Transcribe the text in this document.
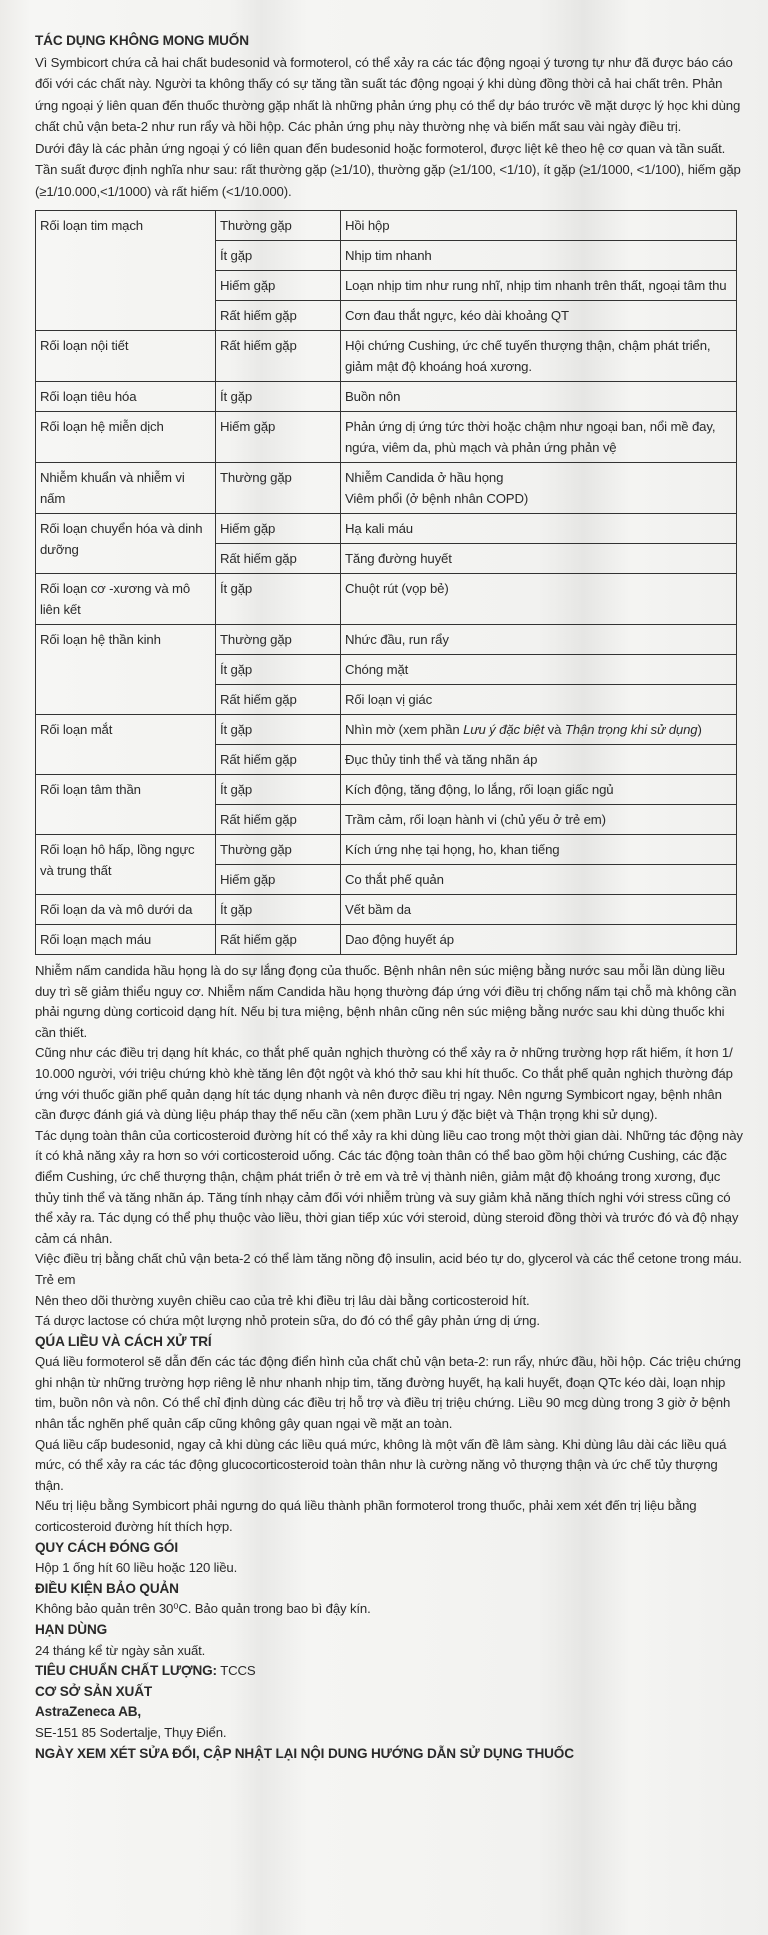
TÁC DỤNG KHÔNG MONG MUỐN

Vì Symbicort chứa cả hai chất budesonid và formoterol, có thể xảy ra các tác động ngoại ý tương tự như đã được báo cáo đối với các chất này. Người ta không thấy có sự tăng tần suất tác động ngoại ý khi dùng đồng thời cả hai chất trên. Phản ứng ngoại ý liên quan đến thuốc thường gặp nhất là những phản ứng phụ có thể dự báo trước về mặt dược lý học khi dùng chất chủ vận beta-2 như run rẩy và hồi hộp. Các phản ứng phụ này thường nhẹ và biến mất sau vài ngày điều trị.

Dưới đây là các phản ứng ngoại ý có liên quan đến budesonid hoặc formoterol, được liệt kê theo hệ cơ quan và tần suất. Tần suất được định nghĩa như sau: rất thường gặp (≥1/10), thường gặp (≥1/100, <1/10), ít gặp (≥1/1000, <1/100), hiếm gặp (≥1/10.000,<1/1000) và rất hiếm (<1/10.000).

Rối loạn tim mạch	Thường gặp	Hồi hộp
	Ít gặp	Nhịp tim nhanh
	Hiếm gặp	Loạn nhịp tim như rung nhĩ, nhịp tim nhanh trên thất, ngoại tâm thu
	Rất hiếm gặp	Cơn đau thắt ngực, kéo dài khoảng QT
Rối loạn nội tiết	Rất hiếm gặp	Hội chứng Cushing, ức chế tuyến thượng thận, chậm phát triển, giảm mật độ khoáng hoá xương.
Rối loạn tiêu hóa	Ít gặp	Buồn nôn
Rối loạn hệ miễn dịch	Hiếm gặp	Phản ứng dị ứng tức thời hoặc chậm như ngoại ban, nổi mề đay, ngứa, viêm da, phù mạch và phản ứng phản vệ
Nhiễm khuẩn và nhiễm vi nấm	Thường gặp	Nhiễm Candida ở hầu họng
Viêm phổi (ở bệnh nhân COPD)
Rối loạn chuyển hóa và dinh dưỡng	Hiếm gặp	Hạ kali máu
	Rất hiếm gặp	Tăng đường huyết
Rối loạn cơ -xương và mô liên kết	Ít gặp	Chuột rút (vọp bẻ)
Rối loạn hệ thần kinh	Thường gặp	Nhức đầu, run rẩy
	Ít gặp	Chóng mặt
	Rất hiếm gặp	Rối loạn vị giác
Rối loạn mắt	Ít gặp	Nhìn mờ (xem phần Lưu ý đặc biệt và Thận trọng khi sử dụng)
	Rất hiếm gặp	Đục thủy tinh thể và tăng nhãn áp
Rối loạn tâm thần	Ít gặp	Kích động, tăng động, lo lắng, rối loạn giấc ngủ
	Rất hiếm gặp	Trầm cảm, rối loạn hành vi (chủ yếu ở trẻ em)
Rối loạn hô hấp, lồng ngực và trung thất	Thường gặp	Kích ứng nhẹ tại họng, ho, khan tiếng
	Hiếm gặp	Co thắt phế quản
Rối loạn da và mô dưới da	Ít gặp	Vết bầm da
Rối loạn mạch máu	Rất hiếm gặp	Dao động huyết áp

Nhiễm nấm candida hầu họng là do sự lắng đọng của thuốc. Bệnh nhân nên súc miệng bằng nước sau mỗi lần dùng liều duy trì sẽ giảm thiểu nguy cơ. Nhiễm nấm Candida hầu họng thường đáp ứng với điều trị chống nấm tại chỗ mà không cần phải ngưng dùng corticoid dạng hít. Nếu bị tưa miệng, bệnh nhân cũng nên súc miệng bằng nước sau khi dùng thuốc khi cần thiết.

Cũng như các điều trị dạng hít khác, co thắt phế quản nghịch thường có thể xảy ra ở những trường hợp rất hiếm, ít hơn 1/ 10.000 người, với triệu chứng khò khè tăng lên đột ngột và khó thở sau khi hít thuốc. Co thắt phế quản nghịch thường đáp ứng với thuốc giãn phế quản dạng hít tác dụng nhanh và nên được điều trị ngay. Nên ngưng Symbicort ngay, bệnh nhân cần được đánh giá và dùng liệu pháp thay thế nếu cần (xem phần Lưu ý đặc biệt và Thận trọng khi sử dụng).

Tác dụng toàn thân của corticosteroid đường hít có thể xảy ra khi dùng liều cao trong một thời gian dài. Những tác động này ít có khả năng xảy ra hơn so với corticosteroid uống. Các tác động toàn thân có thể bao gồm hội chứng Cushing, các đặc điểm Cushing, ức chế thượng thận, chậm phát triển ở trẻ em và trẻ vị thành niên, giảm mật độ khoáng trong xương, đục thủy tinh thể và tăng nhãn áp. Tăng tính nhạy cảm đối với nhiễm trùng và suy giảm khả năng thích nghi với stress cũng có thể xảy ra. Tác dụng có thể phụ thuộc vào liều, thời gian tiếp xúc với steroid, dùng steroid đồng thời và trước đó và độ nhạy cảm cá nhân.

Việc điều trị bằng chất chủ vận beta-2 có thể làm tăng nồng độ insulin, acid béo tự do, glycerol và các thể cetone trong máu.

Trẻ em

Nên theo dõi thường xuyên chiều cao của trẻ khi điều trị lâu dài bằng corticosteroid hít.

Tá dược lactose có chứa một lượng nhỏ protein sữa, do đó có thể gây phản ứng dị ứng.

QÚA LIỀU VÀ CÁCH XỬ TRÍ

Quá liều formoterol sẽ dẫn đến các tác động điển hình của chất chủ vận beta-2: run rẩy, nhức đầu, hồi hộp. Các triệu chứng ghi nhận từ những trường hợp riêng lẻ như nhanh nhịp tim, tăng đường huyết, hạ kali huyết, đoạn QTc kéo dài, loạn nhịp tim, buồn nôn và nôn. Có thể chỉ định dùng các điều trị hỗ trợ và điều trị triệu chứng. Liều 90 mcg dùng trong 3 giờ ở bệnh nhân tắc nghẽn phế quản cấp cũng không gây quan ngại về mặt an toàn.

Quá liều cấp budesonid, ngay cả khi dùng các liều quá mức, không là một vấn đề lâm sàng. Khi dùng lâu dài các liều quá mức, có thể xảy ra các tác động glucocorticosteroid toàn thân như là cường năng vỏ thượng thận và ức chế tủy thượng thận.

Nếu trị liệu bằng Symbicort phải ngưng do quá liều thành phần formoterol trong thuốc, phải xem xét đến trị liệu bằng corticosteroid đường hít thích hợp.

QUY CÁCH ĐÓNG GÓI

Hộp 1 ống hít 60 liều hoặc 120 liều.

ĐIỀU KIỆN BẢO QUẢN

Không bảo quản trên 30⁰C. Bảo quản trong bao bì đậy kín.

HẠN DÙNG

24 tháng kể từ ngày sản xuất.

TIÊU CHUẨN CHẤT LƯỢNG: TCCS
CƠ SỞ SẢN XUẤT
AstraZeneca AB,

SE-151 85 Sodertalje, Thụy Điển.

NGÀY XEM XÉT SỬA ĐỔI, CẬP NHẬT LẠI NỘI DUNG HƯỚNG DẪN SỬ DỤNG THUỐC
